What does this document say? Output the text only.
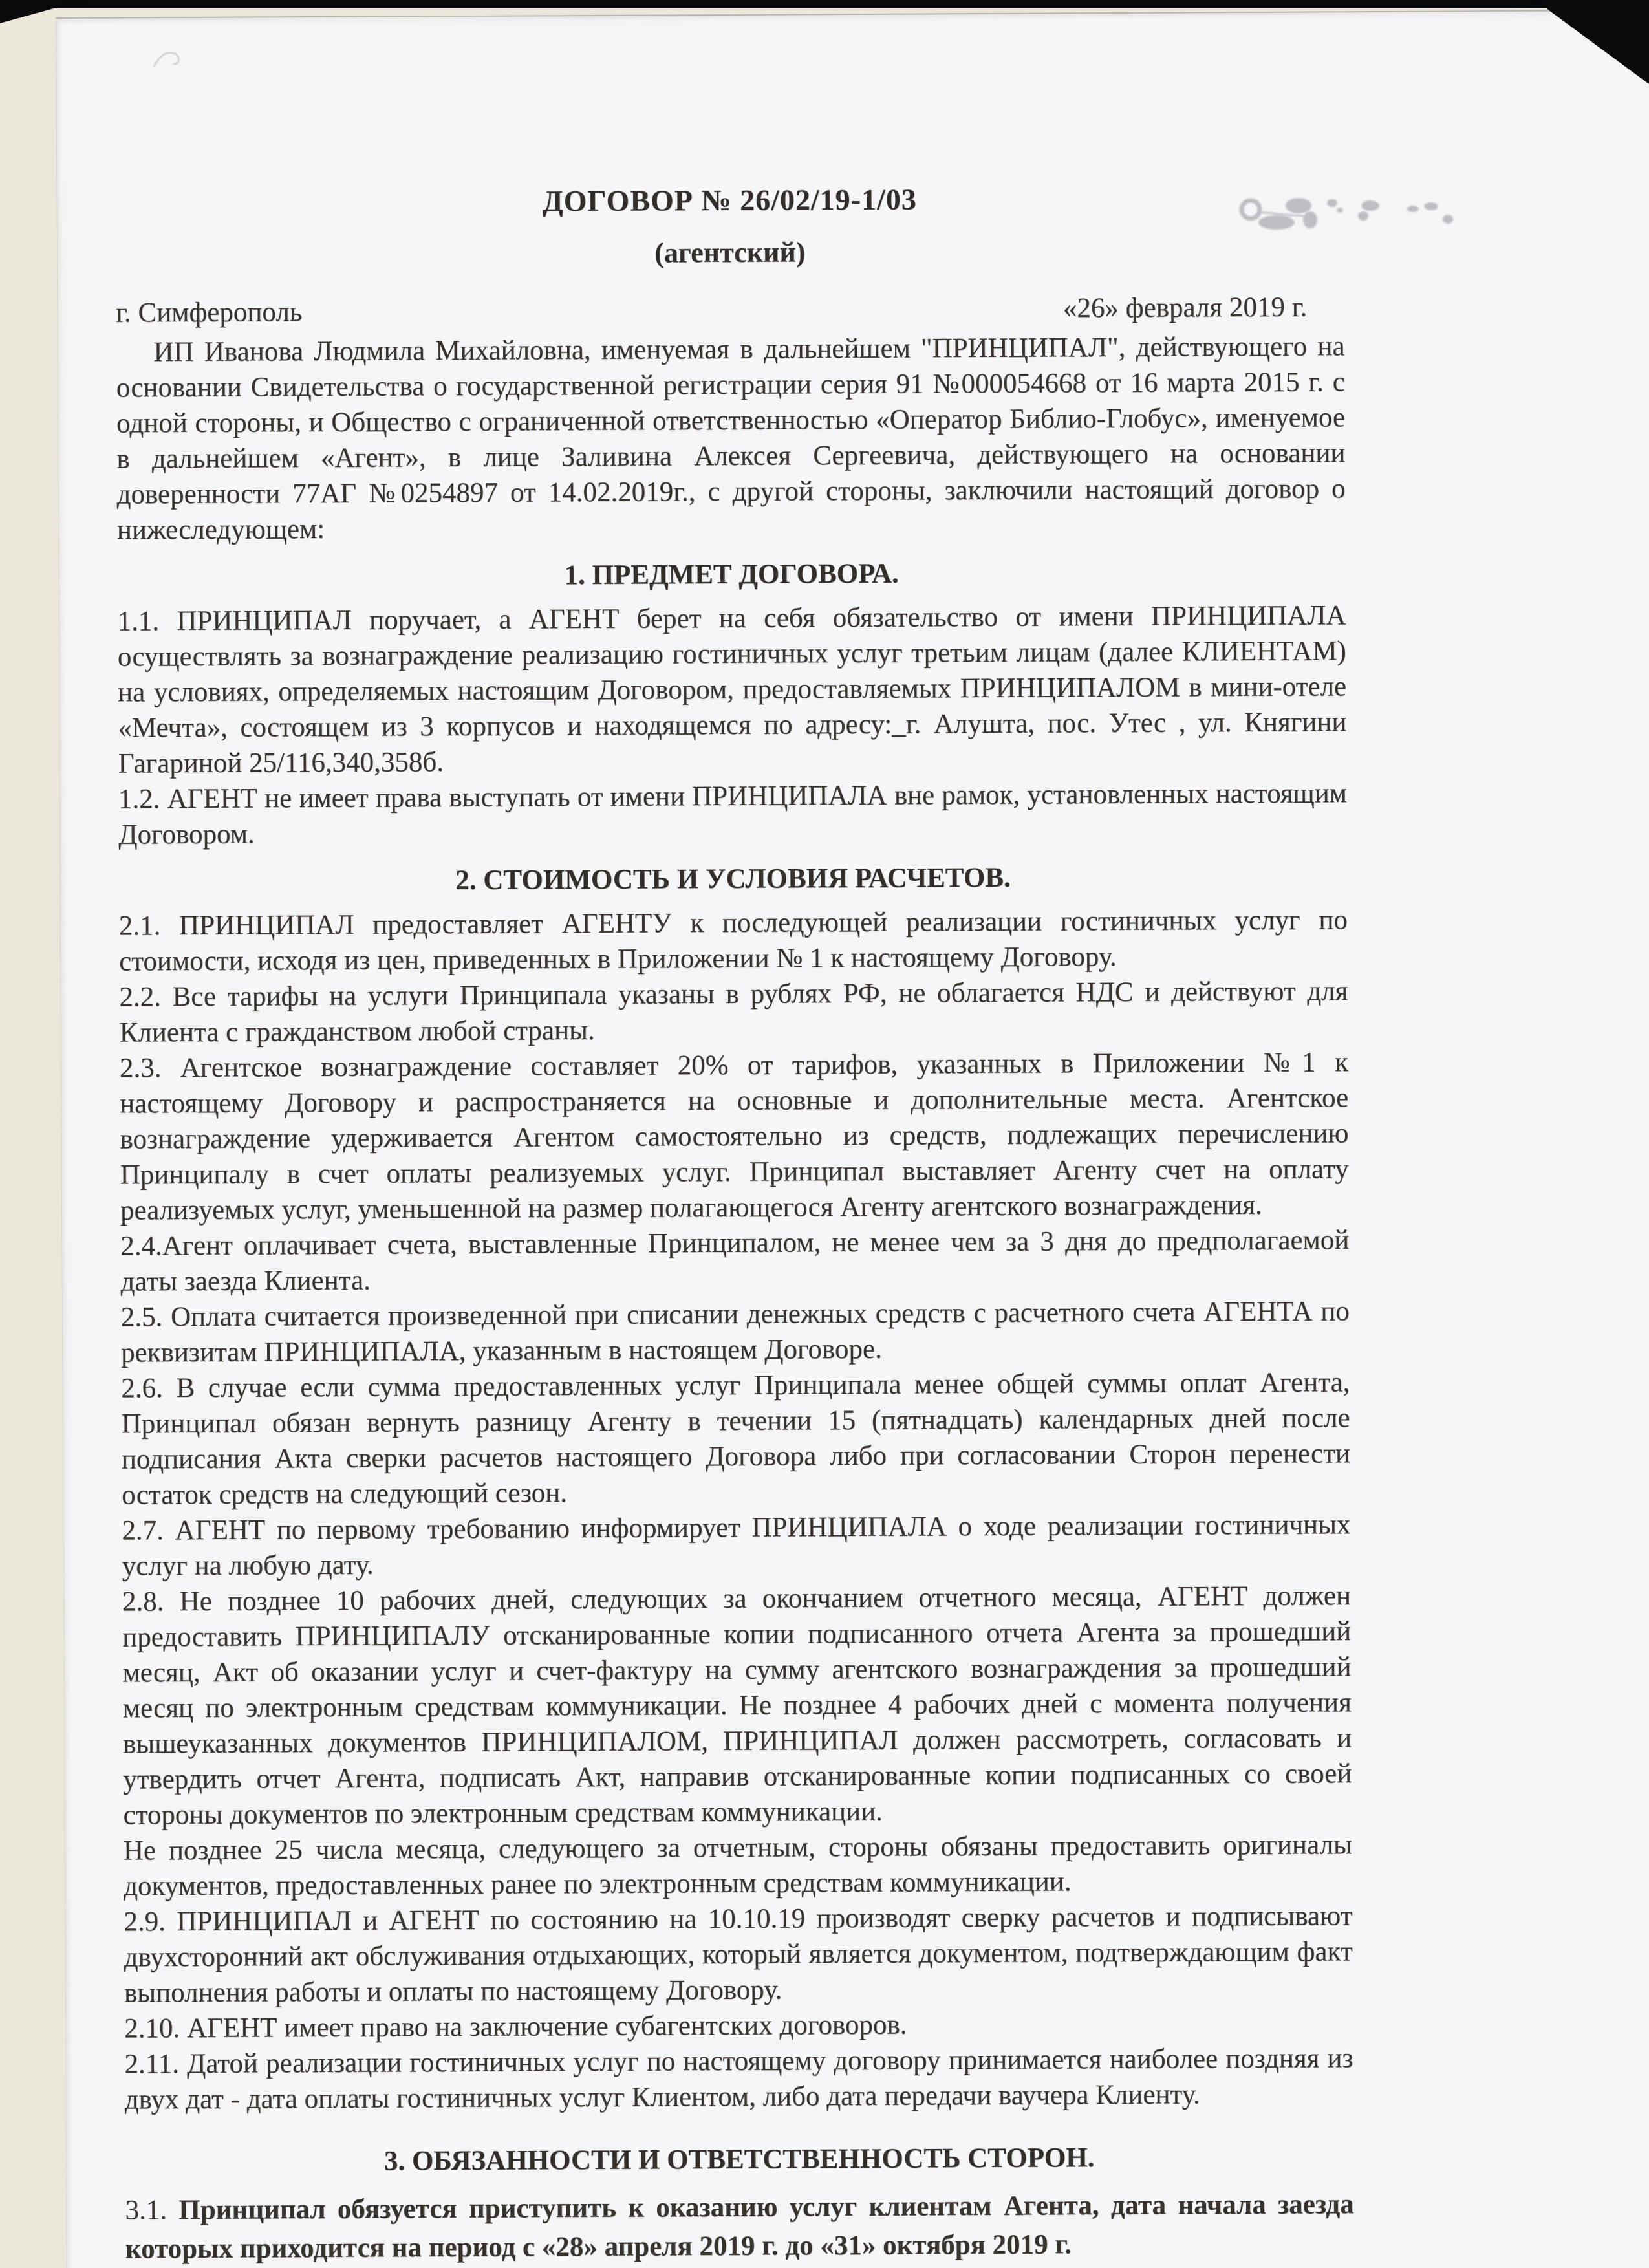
ДОГОВОР № 26/02/19-1/03
(агентский)
г. Симферополь	«26» февраля 2019 г.

ИП Иванова Людмила Михайловна, именуемая в дальнейшем "ПРИНЦИПАЛ", действующего на основании Свидетельства о государственной регистрации серия 91 №000054668 от 16 марта 2015 г. с одной стороны, и Общество с ограниченной ответственностью «Оператор Библио-Глобус», именуемое в дальнейшем «Агент», в лице Заливина Алексея Сергеевича, действующего на основании доверенности 77АГ №0254897 от 14.02.2019г., с другой стороны, заключили настоящий договор о нижеследующем:

1. ПРЕДМЕТ ДОГОВОРА.

1.1. ПРИНЦИПАЛ поручает, а АГЕНТ берет на себя обязательство от имени ПРИНЦИПАЛА осуществлять за вознаграждение реализацию гостиничных услуг третьим лицам (далее КЛИЕНТАМ) на условиях, определяемых настоящим Договором, предоставляемых ПРИНЦИПАЛОМ в мини-отеле «Мечта», состоящем из 3 корпусов и находящемся по адресу:_г. Алушта, пос. Утес , ул. Княгини Гагариной 25/116,340,358б.

1.2. АГЕНТ не имеет права выступать от имени ПРИНЦИПАЛА вне рамок, установленных настоящим Договором.

2. СТОИМОСТЬ И УСЛОВИЯ РАСЧЕТОВ.

2.1. ПРИНЦИПАЛ предоставляет АГЕНТУ к последующей реализации гостиничных услуг по стоимости, исходя из цен, приведенных в Приложении № 1 к настоящему Договору.

2.2. Все тарифы на услуги Принципала указаны в рублях РФ, не облагается НДС и действуют для Клиента с гражданством любой страны.

2.3. Агентское вознаграждение составляет 20% от тарифов, указанных в Приложении №1 к настоящему Договору и распространяется на основные и дополнительные места. Агентское вознаграждение удерживается Агентом самостоятельно из средств, подлежащих перечислению Принципалу в счет оплаты реализуемых услуг. Принципал выставляет Агенту счет на оплату реализуемых услуг, уменьшенной на размер полагающегося Агенту агентского вознаграждения.

2.4.Агент оплачивает счета, выставленные Принципалом, не менее чем за 3 дня до предполагаемой даты заезда Клиента.

2.5. Оплата считается произведенной при списании денежных средств с расчетного счета АГЕНТА по реквизитам ПРИНЦИПАЛА, указанным в настоящем Договоре.

2.6. В случае если сумма предоставленных услуг Принципала менее общей суммы оплат Агента, Принципал обязан вернуть разницу Агенту в течении 15 (пятнадцать) календарных дней после подписания Акта сверки расчетов настоящего Договора либо при согласовании Сторон перенести остаток средств на следующий сезон.

2.7. АГЕНТ по первому требованию информирует ПРИНЦИПАЛА о ходе реализации гостиничных услуг на любую дату.

2.8. Не позднее 10 рабочих дней, следующих за окончанием отчетного месяца, АГЕНТ должен предоставить ПРИНЦИПАЛУ отсканированные копии подписанного отчета Агента за прошедший месяц, Акт об оказании услуг и счет-фактуру на сумму агентского вознаграждения за прошедший месяц по электронным средствам коммуникации. Не позднее 4 рабочих дней с момента получения вышеуказанных документов ПРИНЦИПАЛОМ, ПРИНЦИПАЛ должен рассмотреть, согласовать и утвердить отчет Агента, подписать Акт, направив отсканированные копии подписанных со своей стороны документов по электронным средствам коммуникации.

Не позднее 25 числа месяца, следующего за отчетным, стороны обязаны предоставить оригиналы документов, предоставленных ранее по электронным средствам коммуникации.

2.9. ПРИНЦИПАЛ и АГЕНТ по состоянию на 10.10.19 производят сверку расчетов и подписывают двухсторонний акт обслуживания отдыхающих, который является документом, подтверждающим факт выполнения работы и оплаты по настоящему Договору.

2.10. АГЕНТ имеет право на заключение субагентских договоров.

2.11. Датой реализации гостиничных услуг по настоящему договору принимается наиболее поздняя из двух дат - дата оплаты гостиничных услуг Клиентом, либо дата передачи ваучера Клиенту.

3. ОБЯЗАННОСТИ И ОТВЕТСТВЕННОСТЬ СТОРОН.

3.1. Принципал обязуется приступить к оказанию услуг клиентам Агента, дата начала заезда которых приходится на период с «28» апреля 2019 г. до «31» октября 2019 г.
